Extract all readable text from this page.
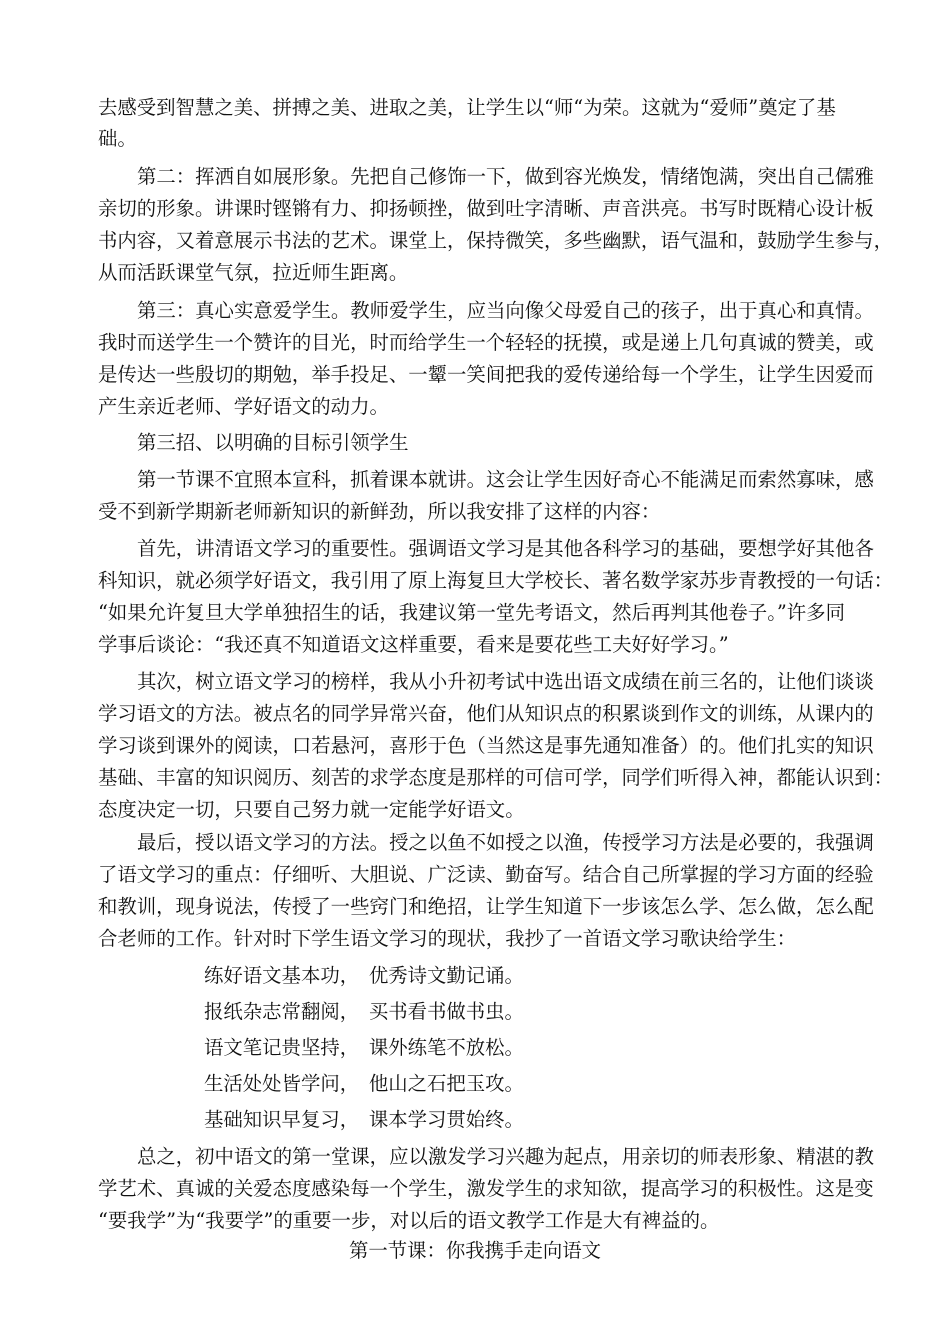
去感受到智慧之美、拼搏之美、进取之美，让学生以“师“为荣。这就为“爱师”奠定了基
础。
第二：挥洒自如展形象。先把自己修饰一下，做到容光焕发，情绪饱满，突出自己儒雅
亲切的形象。讲课时铿锵有力、抑扬顿挫，做到吐字清晰、声音洪亮。书写时既精心设计板
书内容，又着意展示书法的艺术。课堂上，保持微笑，多些幽默，语气温和，鼓励学生参与，
从而活跃课堂气氛，拉近师生距离。
第三：真心实意爱学生。教师爱学生，应当向像父母爱自己的孩子，出于真心和真情。
我时而送学生一个赞许的目光，时而给学生一个轻轻的抚摸，或是递上几句真诚的赞美，或
是传达一些殷切的期勉，举手投足、一颦一笑间把我的爱传递给每一个学生，让学生因爱而
产生亲近老师、学好语文的动力。
第三招、以明确的目标引领学生
第一节课不宜照本宣科，抓着课本就讲。这会让学生因好奇心不能满足而索然寡味，感
受不到新学期新老师新知识的新鲜劲，所以我安排了这样的内容：
首先，讲清语文学习的重要性。强调语文学习是其他各科学习的基础，要想学好其他各
科知识，就必须学好语文，我引用了原上海复旦大学校长、著名数学家苏步青教授的一句话：
“如果允许复旦大学单独招生的话，我建议第一堂先考语文，然后再判其他卷子。”许多同
学事后谈论：“我还真不知道语文这样重要，看来是要花些工夫好好学习。”
其次，树立语文学习的榜样，我从小升初考试中选出语文成绩在前三名的，让他们谈谈
学习语文的方法。被点名的同学异常兴奋，他们从知识点的积累谈到作文的训练，从课内的
学习谈到课外的阅读，口若悬河，喜形于色（当然这是事先通知准备）的。他们扎实的知识
基础、丰富的知识阅历、刻苦的求学态度是那样的可信可学，同学们听得入神，都能认识到：
态度决定一切，只要自己努力就一定能学好语文。
最后，授以语文学习的方法。授之以鱼不如授之以渔，传授学习方法是必要的，我强调
了语文学习的重点：仔细听、大胆说、广泛读、勤奋写。结合自己所掌握的学习方面的经验
和教训，现身说法，传授了一些窍门和绝招，让学生知道下一步该怎么学、怎么做，怎么配
合老师的工作。针对时下学生语文学习的现状，我抄了一首语文学习歌诀给学生：
练好语文基本功，　优秀诗文勤记诵。
报纸杂志常翻阅，　买书看书做书虫。
语文笔记贵坚持，　课外练笔不放松。
生活处处皆学问，　他山之石把玉攻。
基础知识早复习，　课本学习贯始终。
总之，初中语文的第一堂课，应以激发学习兴趣为起点，用亲切的师表形象、精湛的教
学艺术、真诚的关爱态度感染每一个学生，激发学生的求知欲，提高学习的积极性。这是变
“要我学”为“我要学”的重要一步，对以后的语文教学工作是大有裨益的。
第一节课：你我携手走向语文
